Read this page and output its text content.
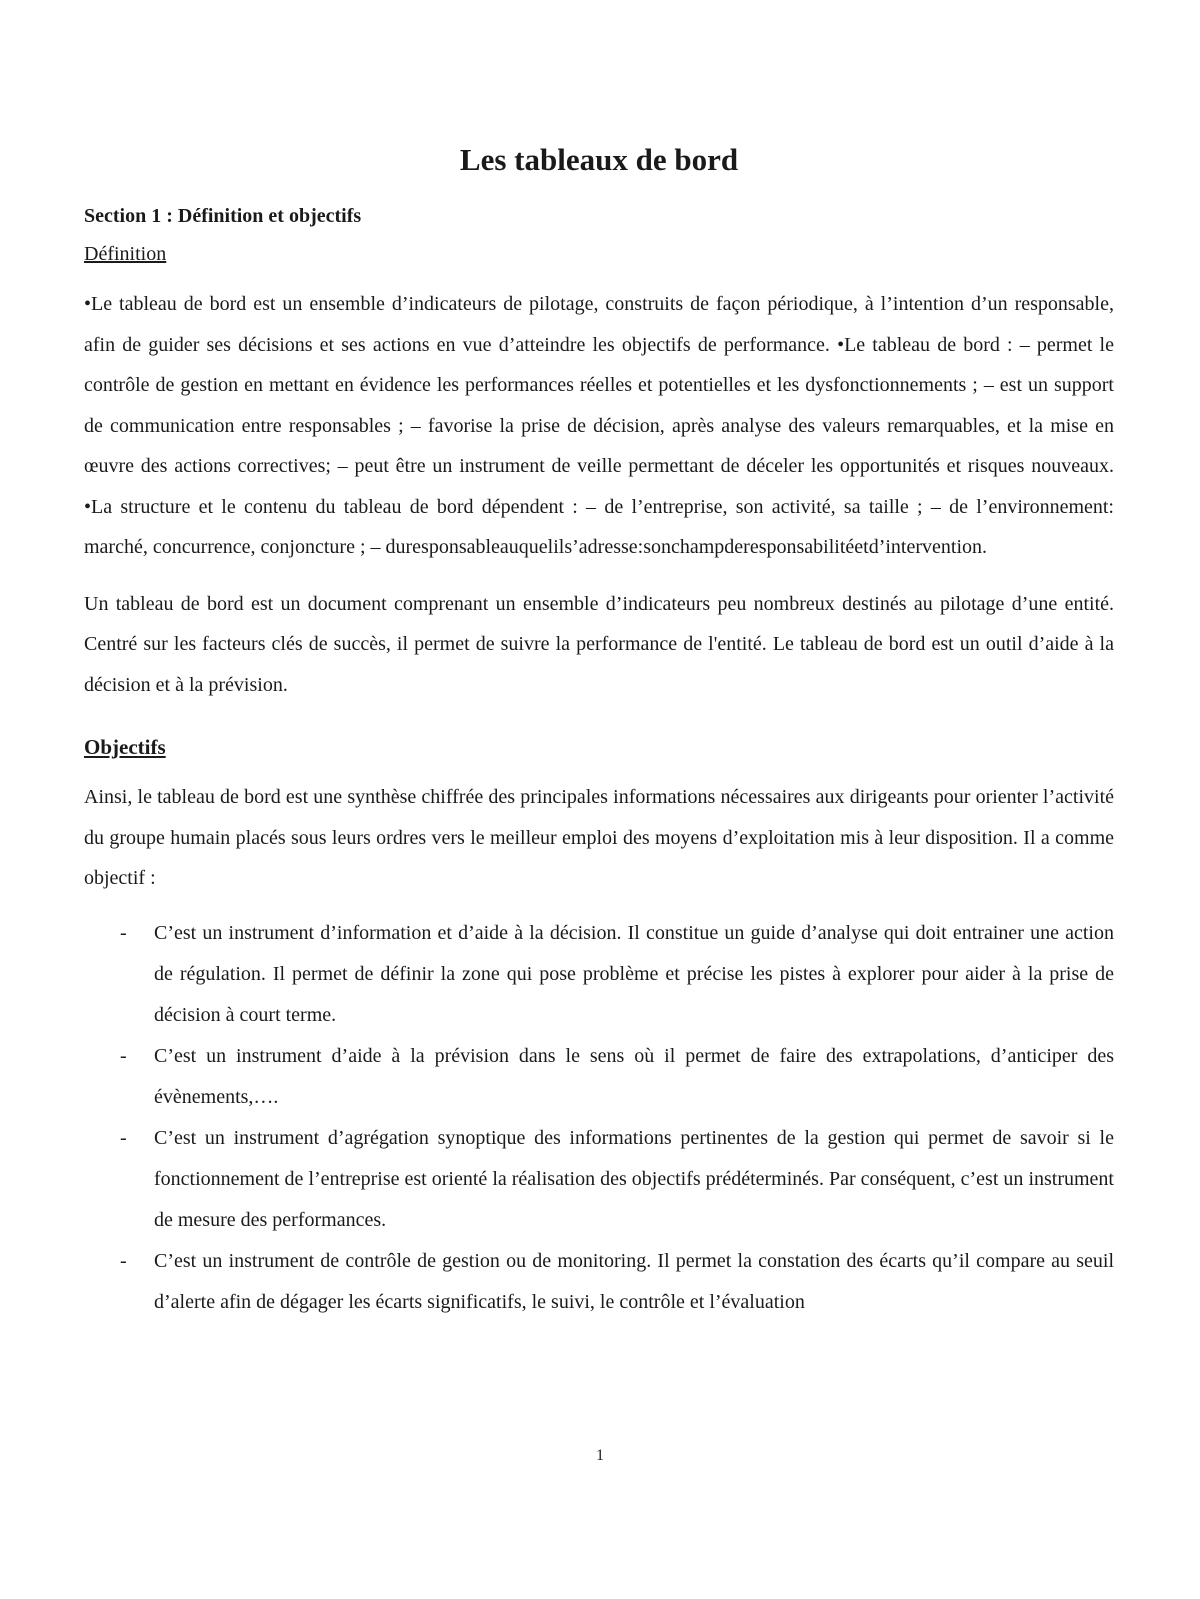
Les tableaux de bord
Section 1 : Définition et objectifs
Définition

•Le tableau de bord est un ensemble d’indicateurs de pilotage, construits de façon périodique, à l’intention d’un responsable, afin de guider ses décisions et ses actions en vue d’atteindre les objectifs de performance. •Le tableau de bord : – permet le contrôle de gestion en mettant en évidence les performances réelles et potentielles et les dysfonctionnements ; – est un support de communication entre responsables ; – favorise la prise de décision, après analyse des valeurs remarquables, et la mise en œuvre des actions correctives; – peut être un instrument de veille permettant de déceler les opportunités et risques nouveaux. •La structure et le contenu du tableau de bord dépendent : – de l’entreprise, son activité, sa taille ; – de l’environnement: marché, concurrence, conjoncture ; – duresponsableauquelils’adresse:sonchampderesponsabilitéetd’intervention.

Un tableau de bord est un document comprenant un ensemble d’indicateurs peu nombreux destinés au pilotage d’une entité. Centré sur les facteurs clés de succès, il permet de suivre la performance de l'entité. Le tableau de bord est un outil d’aide à la décision et à la prévision.

Objectifs

Ainsi, le tableau de bord est une synthèse chiffrée des principales informations nécessaires aux dirigeants pour orienter l’activité du groupe humain placés sous leurs ordres vers le meilleur emploi des moyens d’exploitation mis à leur disposition. Il a comme objectif :

- C’est un instrument d’information et d’aide à la décision. Il constitue un guide d’analyse qui doit entrainer une action de régulation. Il permet de définir la zone qui pose problème et précise les pistes à explorer pour aider à la prise de décision à court terme.
- C’est un instrument d’aide à la prévision dans le sens où il permet de faire des extrapolations, d’anticiper des évènements,….
- C’est un instrument d’agrégation synoptique des informations pertinentes de la gestion qui permet de savoir si le fonctionnement de l’entreprise est orienté la réalisation des objectifs prédéterminés. Par conséquent, c’est un instrument de mesure des performances.
- C’est un instrument de contrôle de gestion ou de monitoring. Il permet la constation des écarts qu’il compare au seuil d’alerte afin de dégager les écarts significatifs, le suivi, le contrôle et l’évaluation
1
